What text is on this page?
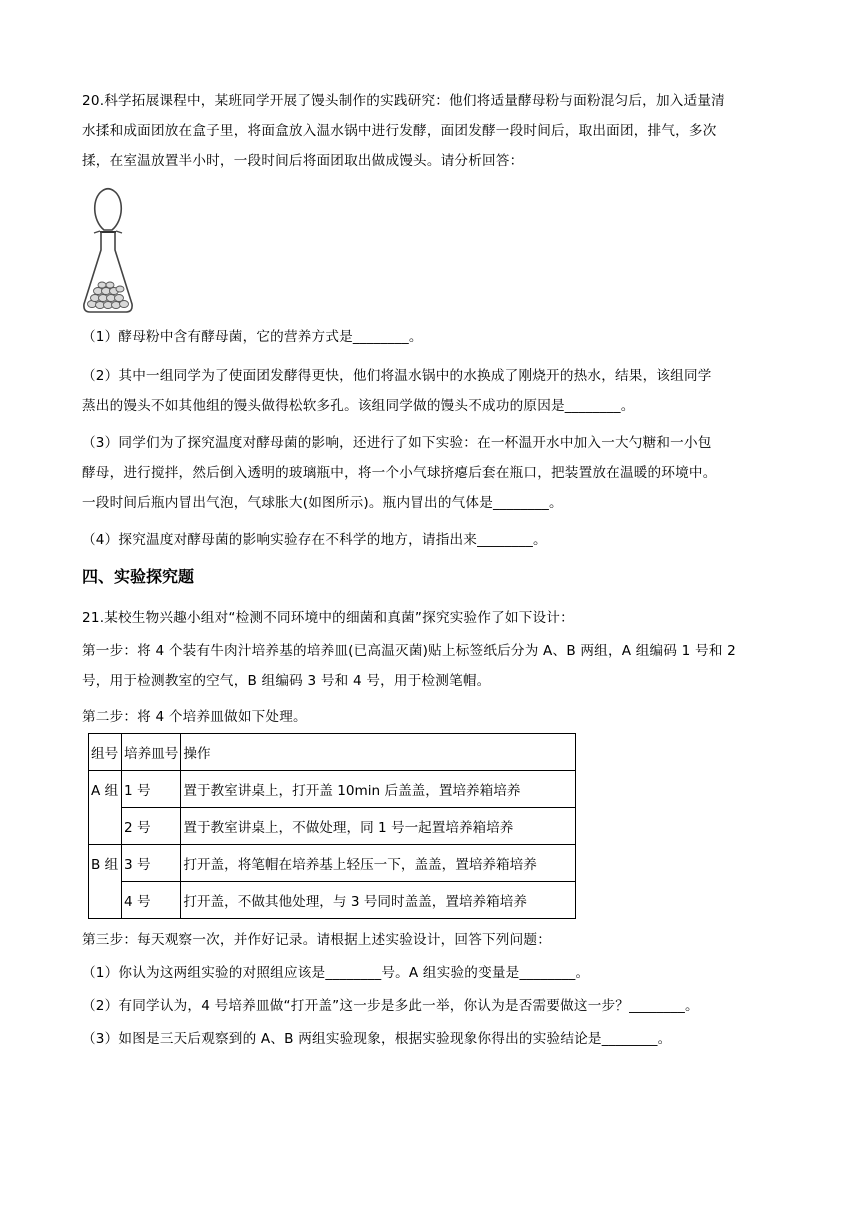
20.科学拓展课程中，某班同学开展了馒头制作的实践研究：他们将适量酵母粉与面粉混匀后，加入适量清
水揉和成面团放在盒子里，将面盒放入温水锅中进行发酵，面团发酵一段时间后，取出面团，排气，多次
揉，在室温放置半小时，一段时间后将面团取出做成馒头。请分析回答：

（1）酵母粉中含有酵母菌，它的营养方式是________。

（2）其中一组同学为了使面团发酵得更快，他们将温水锅中的水换成了刚烧开的热水，结果，该组同学
蒸出的馒头不如其他组的馒头做得松软多孔。该组同学做的馒头不成功的原因是________。

（3）同学们为了探究温度对酵母菌的影响，还进行了如下实验：在一杯温开水中加入一大勺糖和一小包
酵母，进行搅拌，然后倒入透明的玻璃瓶中，将一个小气球挤瘪后套在瓶口，把装置放在温暖的环境中。
一段时间后瓶内冒出气泡，气球胀大(如图所示)。瓶内冒出的气体是________。

（4）探究温度对酵母菌的影响实验存在不科学的地方，请指出来________。

四、实验探究题

21.某校生物兴趣小组对“检测不同环境中的细菌和真菌”探究实验作了如下设计：

第一步：将 4 个装有牛肉汁培养基的培养皿(已高温灭菌)贴上标签纸后分为 A、B 两组，A 组编码 1 号和 2
号，用于检测教室的空气，B 组编码 3 号和 4 号，用于检测笔帽。

第二步：将 4 个培养皿做如下处理。

组号	培养皿号	操作
A 组	1 号	置于教室讲桌上，打开盖 10min 后盖盖，置培养箱培养
	2 号	置于教室讲桌上，不做处理，同 1 号一起置培养箱培养
B 组	3 号	打开盖，将笔帽在培养基上轻压一下，盖盖，置培养箱培养
	4 号	打开盖，不做其他处理，与 3 号同时盖盖，置培养箱培养

第三步：每天观察一次，并作好记录。请根据上述实验设计，回答下列问题：

（1）你认为这两组实验的对照组应该是________号。A 组实验的变量是________。

（2）有同学认为，4 号培养皿做“打开盖”这一步是多此一举，你认为是否需要做这一步？________。

（3）如图是三天后观察到的 A、B 两组实验现象，根据实验现象你得出的实验结论是________。
